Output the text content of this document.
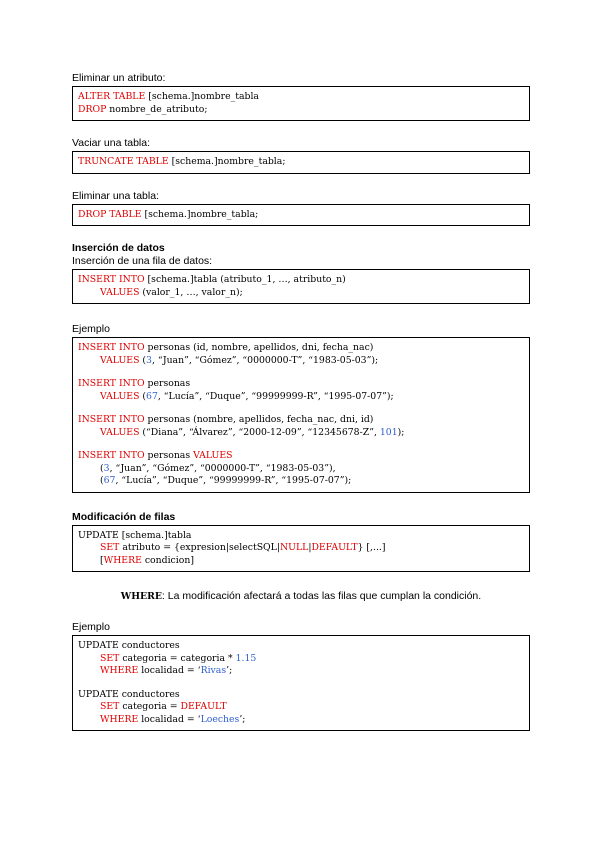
Eliminar un atributo:
ALTER TABLE [schema.]nombre_tabla
DROP nombre_de_atributo;
Vaciar una tabla:
TRUNCATE TABLE [schema.]nombre_tabla;
Eliminar una tabla:
DROP TABLE [schema.]nombre_tabla;
Inserción de datos
Inserción de una fila de datos:
INSERT INTO [schema.]tabla (atributo_1, …, atributo_n)
VALUES (valor_1, …, valor_n);
Ejemplo
INSERT INTO personas (id, nombre, apellidos, dni, fecha_nac)
VALUES (3, “Juan”, “Gómez”, “0000000-T”, “1983-05-03”);
INSERT INTO personas
VALUES (67, “Lucía”, “Duque”, “99999999-R”, “1995-07-07”);
INSERT INTO personas (nombre, apellidos, fecha_nac, dni, id)
VALUES (“Diana”, “Álvarez”, “2000-12-09”, “12345678-Z”, 101);
INSERT INTO personas VALUES
(3, “Juan”, “Gómez”, “0000000-T”, “1983-05-03”),
(67, “Lucía”, “Duque”, “99999999-R”, “1995-07-07”);
Modificación de filas
UPDATE [schema.]tabla
SET atributo = {expresion|selectSQL|NULL|DEFAULT} [,...]
[WHERE condicion]
WHERE: La modificación afectará a todas las filas que cumplan la condición.
Ejemplo
UPDATE conductores
SET categoria = categoria * 1.15
WHERE localidad = ‘Rivas’;
UPDATE conductores
SET categoria = DEFAULT
WHERE localidad = ‘Loeches’;
